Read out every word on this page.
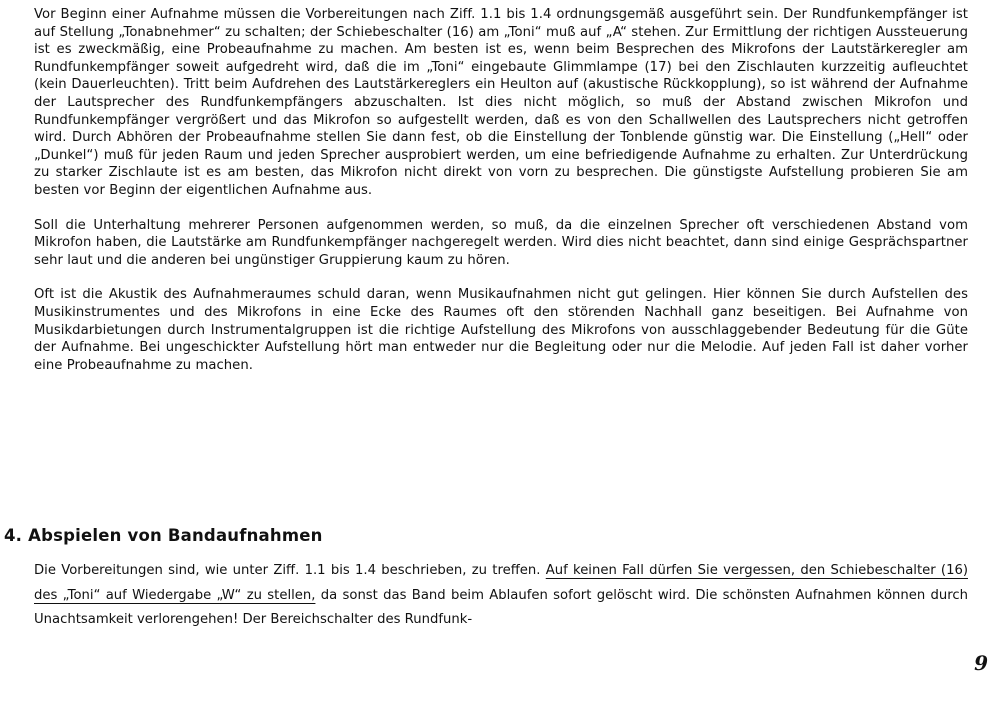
Vor Beginn einer Aufnahme müssen die Vorbereitungen nach Ziff. 1.1 bis 1.4 ordnungsgemäß ausgeführt sein. Der Rundfunkempfänger ist auf Stellung „Tonabnehmer“ zu schalten; der Schiebeschalter (16) am „Toni“ muß auf „A“ stehen. Zur Ermittlung der richtigen Aussteuerung ist es zweckmäßig, eine Probeaufnahme zu machen. Am besten ist es, wenn beim Besprechen des Mikrofons der Lautstärkeregler am Rundfunkempfänger soweit aufgedreht wird, daß die im „Toni“ eingebaute Glimmlampe (17) bei den Zischlauten kurzzeitig aufleuchtet (kein Dauerleuchten). Tritt beim Aufdrehen des Lautstärkereglers ein Heulton auf (akustische Rückkopplung), so ist während der Aufnahme der Lautsprecher des Rundfunkempfängers abzuschalten. Ist dies nicht möglich, so muß der Abstand zwischen Mikrofon und Rundfunkempfänger vergrößert und das Mikrofon so aufgestellt werden, daß es von den Schallwellen des Lautsprechers nicht getroffen wird. Durch Abhören der Probeaufnahme stellen Sie dann fest, ob die Einstellung der Tonblende günstig war. Die Einstellung („Hell“ oder „Dunkel“) muß für jeden Raum und jeden Sprecher ausprobiert werden, um eine befriedigende Aufnahme zu erhalten. Zur Unterdrückung zu starker Zischlaute ist es am besten, das Mikrofon nicht direkt von vorn zu besprechen. Die günstigste Aufstellung probieren Sie am besten vor Beginn der eigentlichen Aufnahme aus.

Soll die Unterhaltung mehrerer Personen aufgenommen werden, so muß, da die einzelnen Sprecher oft verschiedenen Abstand vom Mikrofon haben, die Lautstärke am Rundfunkempfänger nachgeregelt werden. Wird dies nicht beachtet, dann sind einige Gesprächspartner sehr laut und die anderen bei ungünstiger Gruppierung kaum zu hören.

Oft ist die Akustik des Aufnahmeraumes schuld daran, wenn Musikaufnahmen nicht gut gelingen. Hier können Sie durch Aufstellen des Musikinstrumentes und des Mikrofons in eine Ecke des Raumes oft den störenden Nachhall ganz beseitigen. Bei Aufnahme von Musikdarbietungen durch Instrumentalgruppen ist die richtige Aufstellung des Mikrofons von ausschlaggebender Bedeutung für die Güte der Aufnahme. Bei ungeschickter Aufstellung hört man entweder nur die Begleitung oder nur die Melodie. Auf jeden Fall ist daher vorher eine Probeaufnahme zu machen.

4. Abspielen von Bandaufnahmen

Die Vorbereitungen sind, wie unter Ziff. 1.1 bis 1.4 beschrieben, zu treffen. Auf keinen Fall dürfen Sie vergessen, den Schiebeschalter (16) des „Toni“ auf Wiedergabe „W“ zu stellen, da sonst das Band beim Ablaufen sofort gelöscht wird. Die schönsten Aufnahmen können durch Unachtsamkeit verlorengehen! Der Bereichschalter des Rundfunk-

9
